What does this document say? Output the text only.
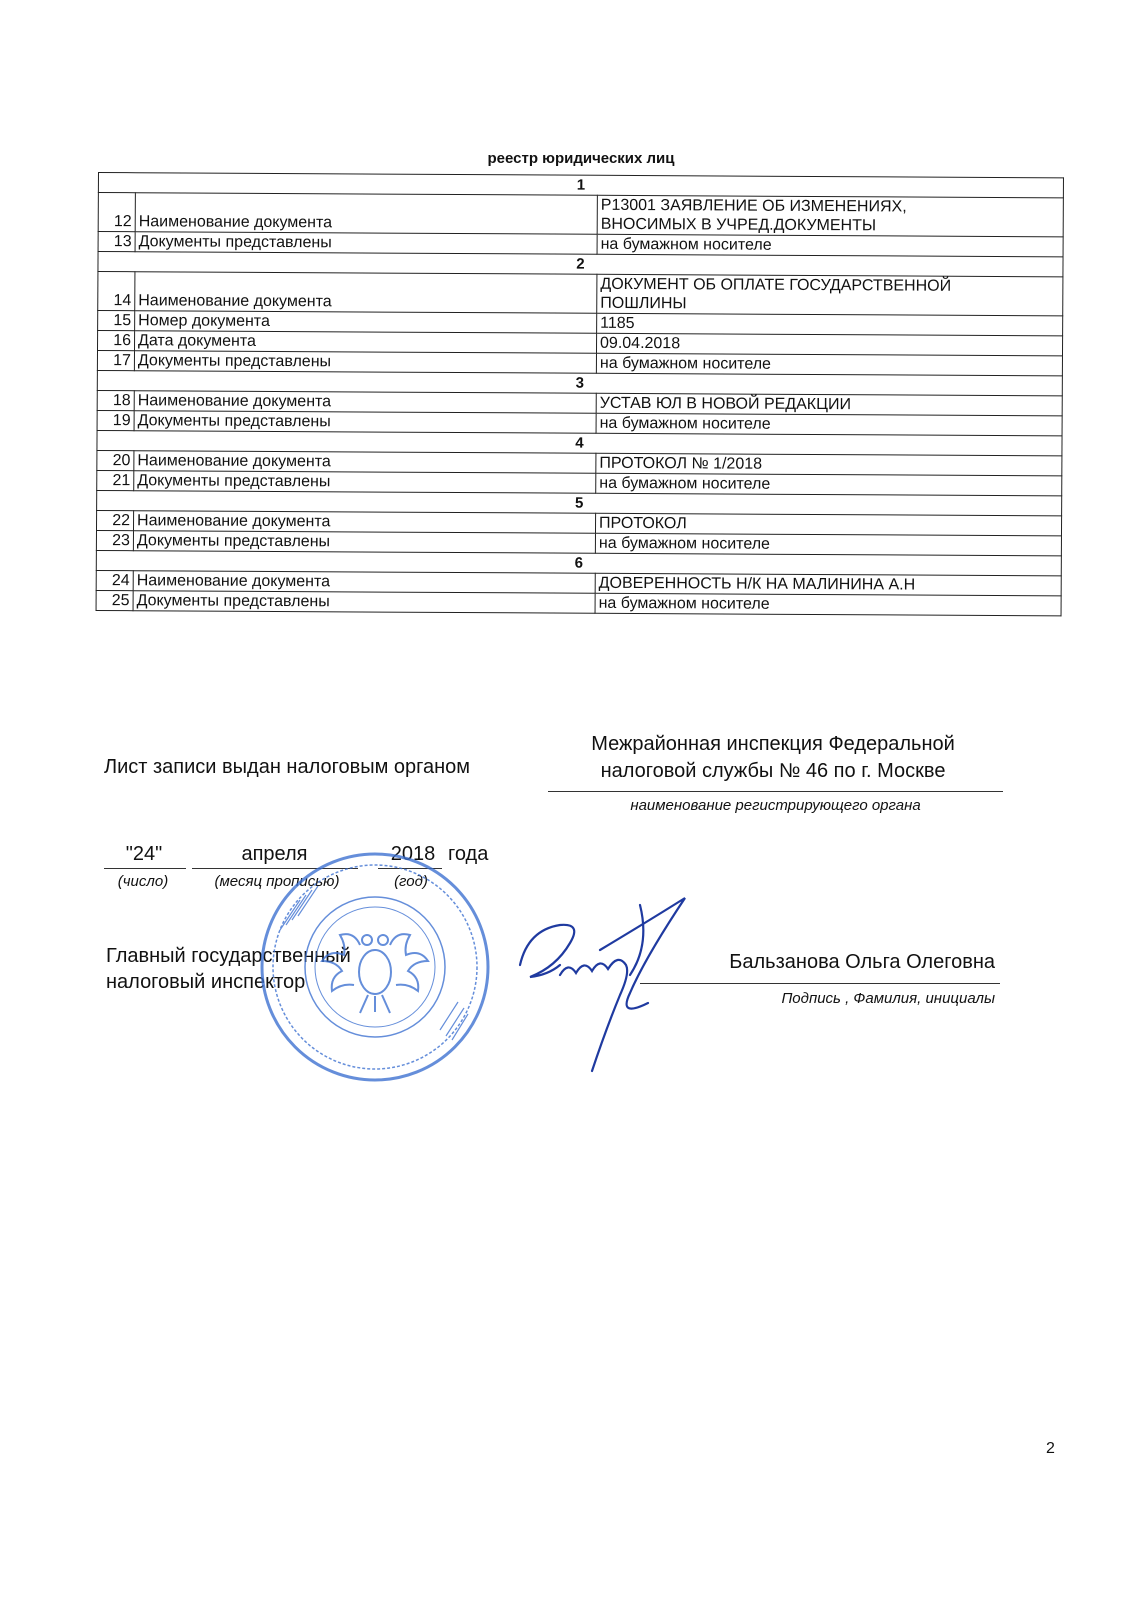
реестр юридических лиц
1		
12	Наименование документа	Р13001 ЗАЯВЛЕНИЕ ОБ ИЗМЕНЕНИЯХ,
ВНОСИМЫХ В УЧРЕД.ДОКУМЕНТЫ
13	Документы представлены	на бумажном носителе
2		
14	Наименование документа	ДОКУМЕНТ ОБ ОПЛАТЕ ГОСУДАРСТВЕННОЙ
ПОШЛИНЫ
15	Номер документа	1185
16	Дата документа	09.04.2018
17	Документы представлены	на бумажном носителе
3		
18	Наименование документа	УСТАВ ЮЛ В НОВОЙ РЕДАКЦИИ
19	Документы представлены	на бумажном носителе
4		
20	Наименование документа	ПРОТОКОЛ № 1/2018
21	Документы представлены	на бумажном носителе
5		
22	Наименование документа	ПРОТОКОЛ
23	Документы представлены	на бумажном носителе
6		
24	Наименование документа	ДОВЕРЕННОСТЬ Н/К НА МАЛИНИНА А.Н
25	Документы представлены	на бумажном носителе
Лист записи выдан налоговым органом
Межрайонная инспекция Федеральной налоговой службы № 46 по г. Москве
наименование регистрирующего органа
"24"
(число)
апреля
(месяц прописью)
2018 года
(год)
Главный государственный налоговый инспектор
Бальзанова Ольга Олеговна
Подпись , Фамилия, инициалы
2
